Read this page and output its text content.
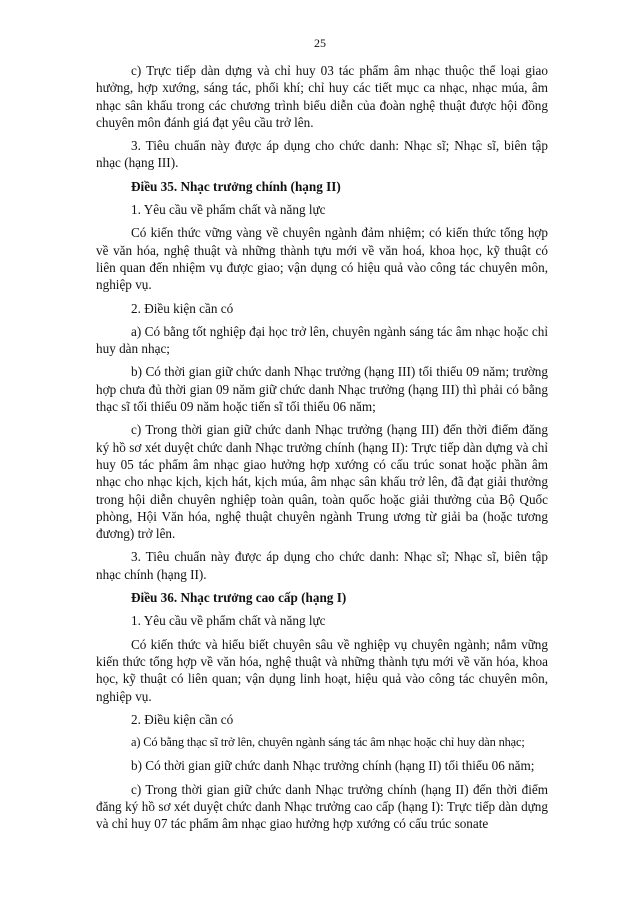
25

c) Trực tiếp dàn dựng và chỉ huy 03 tác phẩm âm nhạc thuộc thể loại giao hưởng, hợp xướng, sáng tác, phối khí; chỉ huy các tiết mục ca nhạc, nhạc múa, âm nhạc sân khấu trong các chương trình biểu diễn của đoàn nghệ thuật được hội đồng chuyên môn đánh giá đạt yêu cầu trở lên.

3. Tiêu chuẩn này được áp dụng cho chức danh: Nhạc sĩ; Nhạc sĩ, biên tập nhạc (hạng III).

Điều 35. Nhạc trưởng chính (hạng II)

1. Yêu cầu về phẩm chất và năng lực

Có kiến thức vững vàng về chuyên ngành đảm nhiệm; có kiến thức tổng hợp về văn hóa, nghệ thuật và những thành tựu mới về văn hoá, khoa học, kỹ thuật có liên quan đến nhiệm vụ được giao; vận dụng có hiệu quả vào công tác chuyên môn, nghiệp vụ.

2. Điều kiện cần có

a) Có bằng tốt nghiệp đại học trở lên, chuyên ngành sáng tác âm nhạc hoặc chỉ huy dàn nhạc;

b) Có thời gian giữ chức danh Nhạc trưởng (hạng III) tối thiểu 09 năm; trường hợp chưa đủ thời gian 09 năm giữ chức danh Nhạc trưởng (hạng III) thì phải có bằng thạc sĩ tối thiểu 09 năm hoặc tiến sĩ tối thiểu 06 năm;

c) Trong thời gian giữ chức danh Nhạc trưởng (hạng III) đến thời điểm đăng ký hồ sơ xét duyệt chức danh Nhạc trưởng chính (hạng II): Trực tiếp dàn dựng và chỉ huy 05 tác phẩm âm nhạc giao hưởng hợp xướng có cấu trúc sonat hoặc phần âm nhạc cho nhạc kịch, kịch hát, kịch múa, âm nhạc sân khấu trở lên, đã đạt giải thưởng trong hội diễn chuyên nghiệp toàn quân, toàn quốc hoặc giải thưởng của Bộ Quốc phòng, Hội Văn hóa, nghệ thuật chuyên ngành Trung ương từ giải ba (hoặc tương đương) trở lên.

3. Tiêu chuẩn này được áp dụng cho chức danh: Nhạc sĩ; Nhạc sĩ, biên tập nhạc chính (hạng II).

Điều 36. Nhạc trưởng cao cấp (hạng I)

1. Yêu cầu về phẩm chất và năng lực

Có kiến thức và hiểu biết chuyên sâu về nghiệp vụ chuyên ngành; nắm vững kiến thức tổng hợp về văn hóa, nghệ thuật và những thành tựu mới về văn hóa, khoa học, kỹ thuật có liên quan; vận dụng linh hoạt, hiệu quả vào công tác chuyên môn, nghiệp vụ.

2. Điều kiện cần có

a) Có bằng thạc sĩ trở lên, chuyên ngành sáng tác âm nhạc hoặc chỉ huy dàn nhạc;

b) Có thời gian giữ chức danh Nhạc trưởng chính (hạng II) tối thiểu 06 năm;

c) Trong thời gian giữ chức danh Nhạc trưởng chính (hạng II) đến thời điểm đăng ký hồ sơ xét duyệt chức danh Nhạc trưởng cao cấp (hạng I): Trực tiếp dàn dựng và chỉ huy 07 tác phẩm âm nhạc giao hưởng hợp xướng có cấu trúc sonate
